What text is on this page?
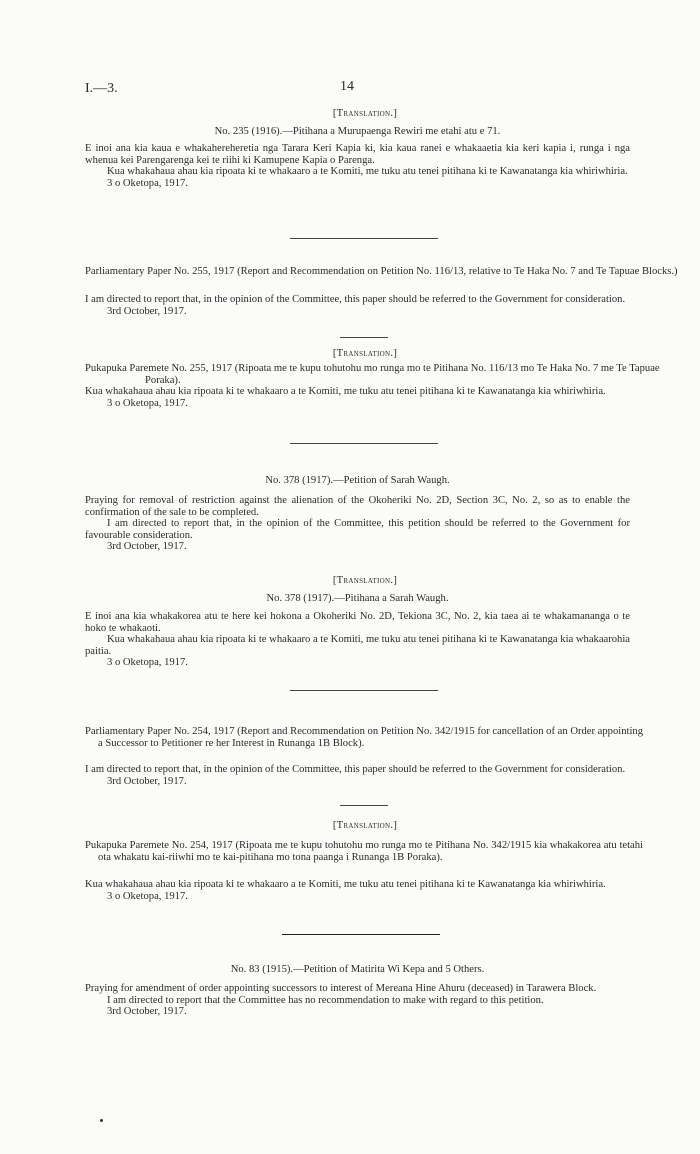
I.—3.	14
[Translation.]
No. 235 (1916).—Pitihana a Murupaenga Rewiri me etahi atu e 71.
E inoi ana kia kaua e whakahereheretia nga Tarara Keri Kapia ki, kia kaua ranei e whakaaetia kia keri kapia i, runga i nga whenua kei Parengarenga kei te riihi ki Kamupene Kapia o Parenga.
Kua whakahaua ahau kia ripoata ki te whakaaro a te Komiti, me tuku atu tenei pitihana ki te Kawanatanga kia whiriwhiria.
3 o Oketopa, 1917.
Parliamentary Paper No. 255, 1917 (Report and Recommendation on Petition No. 116/13, relative to Te Haka No. 7 and Te Tapuae Blocks.)
I am directed to report that, in the opinion of the Committee, this paper should be referred to the Government for consideration.
3rd October, 1917.
[Translation.]
Pukapuka Paremete No. 255, 1917 (Ripoata me te kupu tohutohu mo runga mo te Pitihana No. 116/13 mo Te Haka No. 7 me Te Tapuae Poraka).
Kua whakahaua ahau kia ripoata ki te whakaaro a te Komiti, me tuku atu tenei pitihana ki te Kawanatanga kia whiriwhiria.
3 o Oketopa, 1917.
No. 378 (1917).—Petition of Sarah Waugh.
Praying for removal of restriction against the alienation of the Okoheriki No. 2D, Section 3C, No. 2, so as to enable the confirmation of the sale to be completed.
I am directed to report that, in the opinion of the Committee, this petition should be referred to the Government for favourable consideration.
3rd October, 1917.
[Translation.]
No. 378 (1917).—Pitihana a Sarah Waugh.
E inoi ana kia whakakorea atu te here kei hokona a Okoheriki No. 2D, Tekiona 3C, No. 2, kia taea ai te whakamananga o te hoko te whakaoti.
Kua whakahaua ahau kia ripoata ki te whakaaro a te Komiti, me tuku atu tenei pitihana ki te Kawanatanga kia whakaarohia paitia.
3 o Oketopa, 1917.
Parliamentary Paper No. 254, 1917 (Report and Recommendation on Petition No. 342/1915 for cancellation of an Order appointing a Successor to Petitioner re her Interest in Runanga 1B Block).
I am directed to report that, in the opinion of the Committee, this paper should be referred to the Government for consideration.
3rd October, 1917.
[Translation.]
Pukapuka Paremete No. 254, 1917 (Ripoata me te kupu tohutohu mo runga mo te Pitihana No. 342/1915 kia whakakorea atu tetahi ota whakatu kai-riiwhi mo te kai-pitihana mo tona paanga i Runanga 1B Poraka).
Kua whakahaua ahau kia ripoata ki te whakaaro a te Komiti, me tuku atu tenei pitihana ki te Kawanatanga kia whiriwhiria.
3 o Oketopa, 1917.
No. 83 (1915).—Petition of Matirita Wi Kepa and 5 Others.
Praying for amendment of order appointing successors to interest of Mereana Hine Ahuru (deceased) in Tarawera Block.
I am directed to report that the Committee has no recommendation to make with regard to this petition.
3rd October, 1917.
